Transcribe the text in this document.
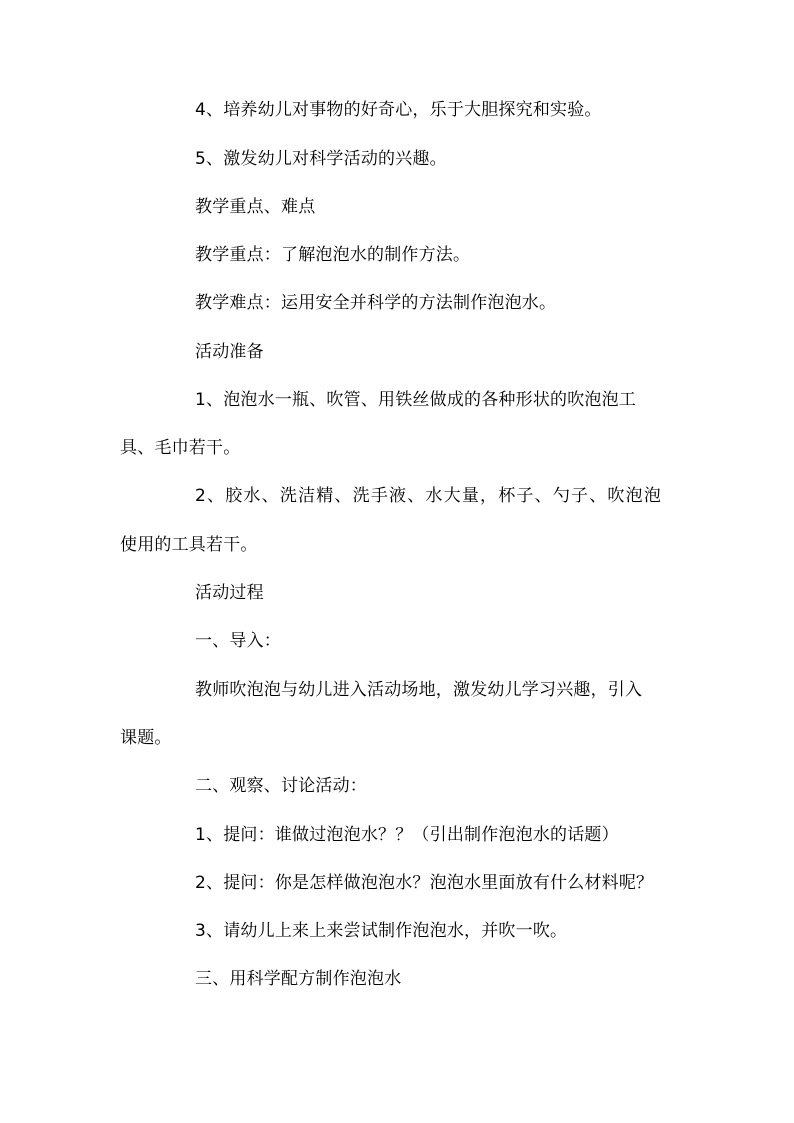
4、培养幼儿对事物的好奇心，乐于大胆探究和实验。
5、激发幼儿对科学活动的兴趣。
教学重点、难点
教学重点：了解泡泡水的制作方法。
教学难点：运用安全并科学的方法制作泡泡水。
活动准备
1、泡泡水一瓶、吹管、用铁丝做成的各种形状的吹泡泡工
具、毛巾若干。
2、胶水、洗洁精、洗手液、水大量，杯子、勺子、吹泡泡
使用的工具若干。
活动过程
一、导入：
教师吹泡泡与幼儿进入活动场地，激发幼儿学习兴趣，引入
课题。
二、观察、讨论活动：
1、提问：谁做过泡泡水？？（引出制作泡泡水的话题）
2、提问：你是怎样做泡泡水？泡泡水里面放有什么材料呢？
3、请幼儿上来上来尝试制作泡泡水，并吹一吹。
三、用科学配方制作泡泡水
